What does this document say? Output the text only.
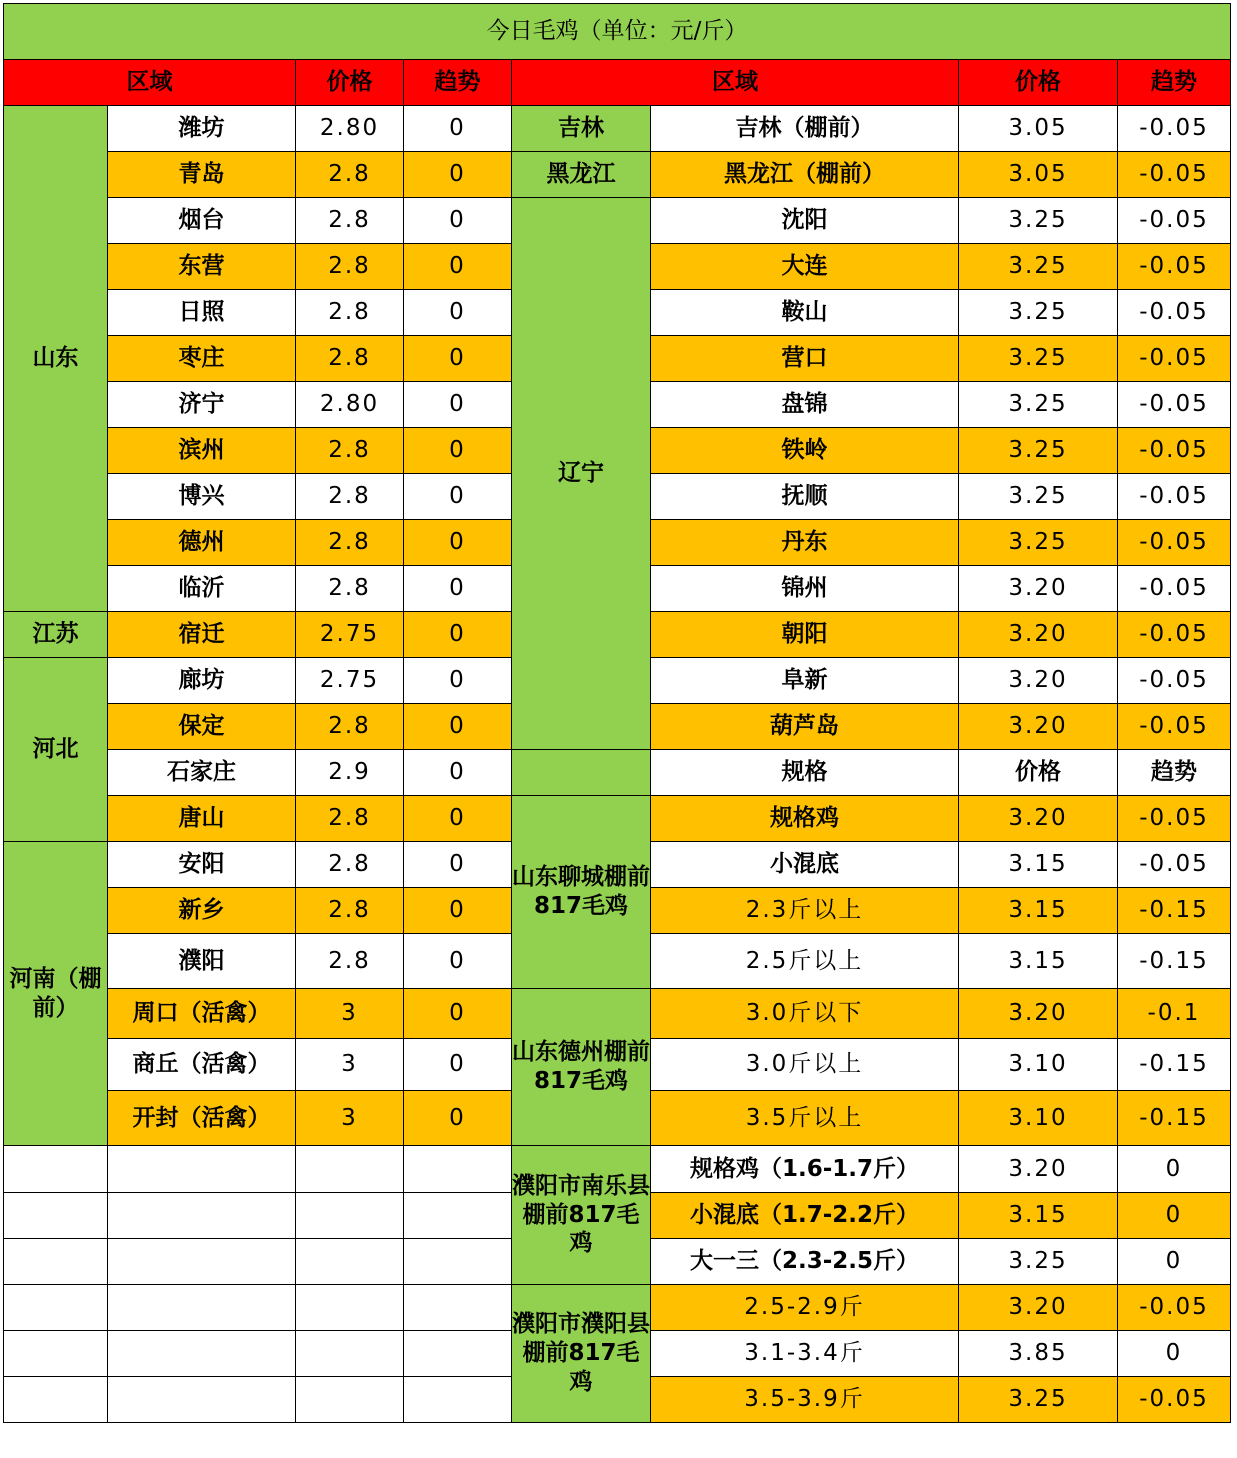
今日毛鸡（单位：元/斤）							
区域		价格	趋势	区域		价格	趋势
山东	潍坊	2.80	0	吉林	吉林（棚前）	3.05	-0.05
	青岛	2.8	0	黑龙江	黑龙江（棚前）	3.05	-0.05
	烟台	2.8	0	辽宁	沈阳	3.25	-0.05
	东营	2.8	0		大连	3.25	-0.05
	日照	2.8	0		鞍山	3.25	-0.05
	枣庄	2.8	0		营口	3.25	-0.05
	济宁	2.80	0		盘锦	3.25	-0.05
	滨州	2.8	0		铁岭	3.25	-0.05
	博兴	2.8	0		抚顺	3.25	-0.05
	德州	2.8	0		丹东	3.25	-0.05
	临沂	2.8	0		锦州	3.20	-0.05
江苏	宿迁	2.75	0		朝阳	3.20	-0.05
河北	廊坊	2.75	0		阜新	3.20	-0.05
	保定	2.8	0		葫芦岛	3.20	-0.05
	石家庄	2.9	0		规格	价格	趋势
	唐山	2.8	0	山东聊城棚前817毛鸡	规格鸡	3.20	-0.05
河南（棚前）	安阳	2.8	0		小混底	3.15	-0.05
	新乡	2.8	0		2.3斤以上	3.15	-0.15
	濮阳	2.8	0		2.5斤以上	3.15	-0.15
	周口（活禽）	3	0	山东德州棚前817毛鸡	3.0斤以下	3.20	-0.1
	商丘（活禽）	3	0		3.0斤以上	3.10	-0.15
	开封（活禽）	3	0		3.5斤以上	3.10	-0.15
				濮阳市南乐县棚前817毛鸡	规格鸡（1.6-1.7斤）	3.20	0
					小混底（1.7-2.2斤）	3.15	0
					大一三（2.3-2.5斤）	3.25	0
				濮阳市濮阳县棚前817毛鸡	2.5-2.9斤	3.20	-0.05
					3.1-3.4斤	3.85	0
					3.5-3.9斤	3.25	-0.05
